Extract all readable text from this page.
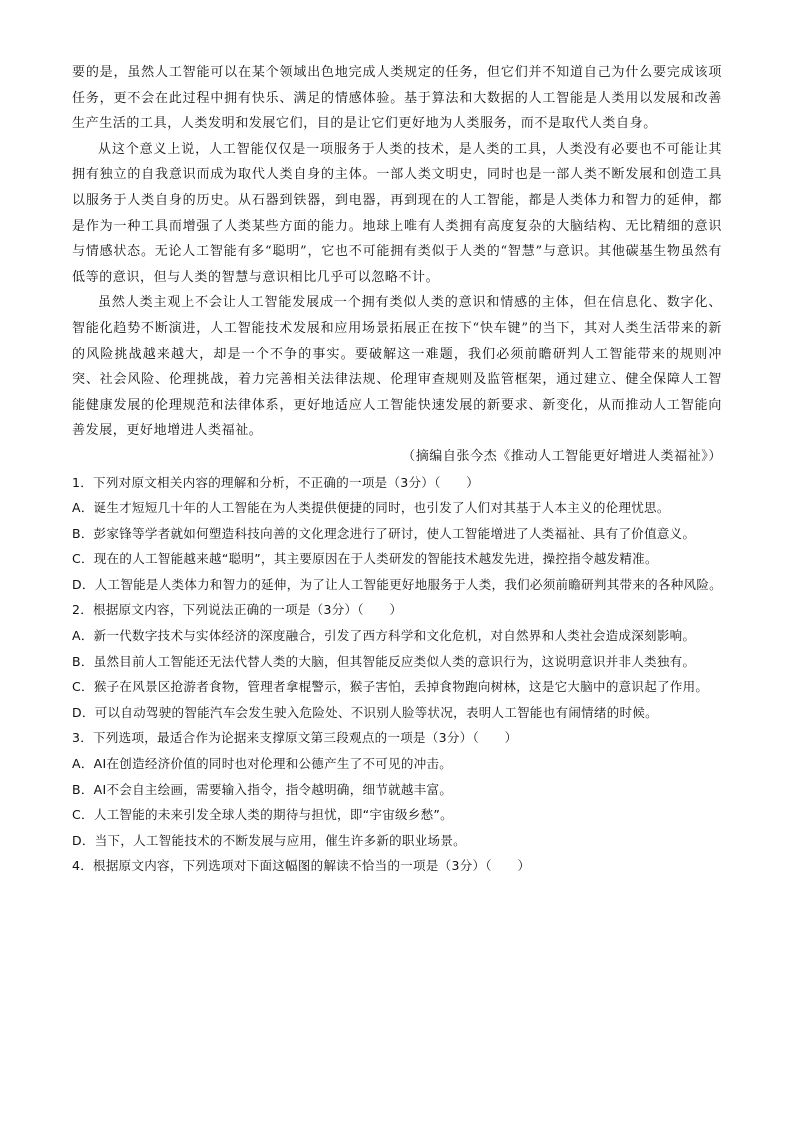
要的是，虽然人工智能可以在某个领域出色地完成人类规定的任务，但它们并不知道自己为什么要完成该项任务，更不会在此过程中拥有快乐、满足的情感体验。基于算法和大数据的人工智能是人类用以发展和改善生产生活的工具，人类发明和发展它们，目的是让它们更好地为人类服务，而不是取代人类自身。

从这个意义上说，人工智能仅仅是一项服务于人类的技术，是人类的工具，人类没有必要也不可能让其拥有独立的自我意识而成为取代人类自身的主体。一部人类文明史，同时也是一部人类不断发展和创造工具以服务于人类自身的历史。从石器到铁器，到电器，再到现在的人工智能，都是人类体力和智力的延伸，都是作为一种工具而增强了人类某些方面的能力。地球上唯有人类拥有高度复杂的大脑结构、无比精细的意识与情感状态。无论人工智能有多“聪明”，它也不可能拥有类似于人类的“智慧”与意识。其他碳基生物虽然有低等的意识，但与人类的智慧与意识相比几乎可以忽略不计。

虽然人类主观上不会让人工智能发展成一个拥有类似人类的意识和情感的主体，但在信息化、数字化、智能化趋势不断演进，人工智能技术发展和应用场景拓展正在按下“快车键”的当下，其对人类生活带来的新的风险挑战越来越大，却是一个不争的事实。要破解这一难题，我们必须前瞻研判人工智能带来的规则冲突、社会风险、伦理挑战，着力完善相关法律法规、伦理审查规则及监管框架，通过建立、健全保障人工智能健康发展的伦理规范和法律体系，更好地适应人工智能快速发展的新要求、新变化，从而推动人工智能向善发展，更好地增进人类福祉。

（摘编自张今杰《推动人工智能更好增进人类福祉》）

1．下列对原文相关内容的理解和分析，不正确的一项是（3分）（　　）

A．诞生才短短几十年的人工智能在为人类提供便捷的同时，也引发了人们对其基于人本主义的伦理忧思。

B．彭家锋等学者就如何塑造科技向善的文化理念进行了研讨，使人工智能增进了人类福祉、具有了价值意义。

C．现在的人工智能越来越“聪明”，其主要原因在于人类研发的智能技术越发先进，操控指令越发精准。

D．人工智能是人类体力和智力的延伸，为了让人工智能更好地服务于人类，我们必须前瞻研判其带来的各种风险。

2．根据原文内容，下列说法正确的一项是（3分）（　　）

A．新一代数字技术与实体经济的深度融合，引发了西方科学和文化危机，对自然界和人类社会造成深刻影响。

B．虽然目前人工智能还无法代替人类的大脑，但其智能反应类似人类的意识行为，这说明意识并非人类独有。

C．猴子在风景区抢游者食物，管理者拿棍警示，猴子害怕，丢掉食物跑向树林，这是它大脑中的意识起了作用。

D．可以自动驾驶的智能汽车会发生驶入危险处、不识别人脸等状况，表明人工智能也有闹情绪的时候。

3．下列选项，最适合作为论据来支撑原文第三段观点的一项是（3分）（　　）

A．AI在创造经济价值的同时也对伦理和公德产生了不可见的冲击。

B．AI不会自主绘画，需要输入指令，指令越明确，细节就越丰富。

C．人工智能的未来引发全球人类的期待与担忧，即“宇宙级乡愁”。

D．当下，人工智能技术的不断发展与应用，催生许多新的职业场景。

4．根据原文内容，下列选项对下面这幅图的解读不恰当的一项是（3分）（　　）
